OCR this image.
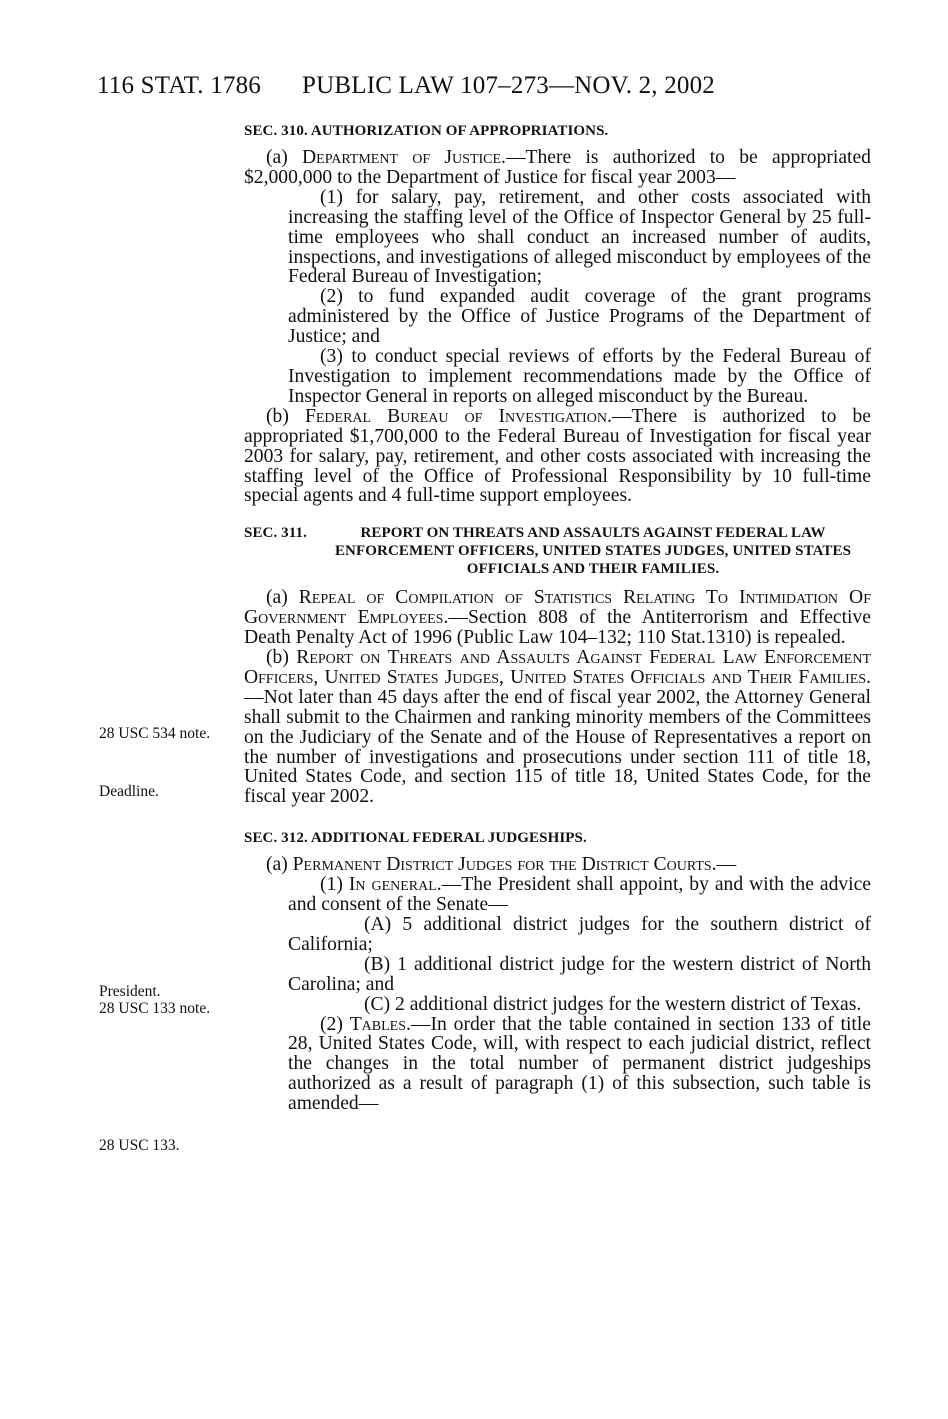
116 STAT. 1786 PUBLIC LAW 107–273—NOV. 2, 2002
28 USC 534 note.
Deadline.
President.
28 USC 133 note.
28 USC 133.

SEC. 310. AUTHORIZATION OF APPROPRIATIONS.

(a) Department of Justice.—There is authorized to be appropriated $2,000,000 to the Department of Justice for fiscal year 2003—

(1) for salary, pay, retirement, and other costs associated with increasing the staffing level of the Office of Inspector General by 25 full-time employees who shall conduct an increased number of audits, inspections, and investigations of alleged misconduct by employees of the Federal Bureau of Investigation;

(2) to fund expanded audit coverage of the grant programs administered by the Office of Justice Programs of the Department of Justice; and

(3) to conduct special reviews of efforts by the Federal Bureau of Investigation to implement recommendations made by the Office of Inspector General in reports on alleged misconduct by the Bureau.

(b) Federal Bureau of Investigation.—There is authorized to be appropriated $1,700,000 to the Federal Bureau of Investigation for fiscal year 2003 for salary, pay, retirement, and other costs associated with increasing the staffing level of the Office of Professional Responsibility by 10 full-time special agents and 4 full-time support employees.

SEC. 311.	REPORT ON THREATS AND ASSAULTS AGAINST FEDERAL LAW ENFORCEMENT OFFICERS, UNITED STATES JUDGES, UNITED STATES OFFICIALS AND THEIR FAMILIES.

(a) Repeal of Compilation of Statistics Relating To Intimidation Of Government Employees.—Section 808 of the Antiterrorism and Effective Death Penalty Act of 1996 (Public Law 104–132; 110 Stat.1310) is repealed.

(b) Report on Threats and Assaults Against Federal Law Enforcement Officers, United States Judges, United States Officials and Their Families.—Not later than 45 days after the end of fiscal year 2002, the Attorney General shall submit to the Chairmen and ranking minority members of the Committees on the Judiciary of the Senate and of the House of Representatives a report on the number of investigations and prosecutions under section 111 of title 18, United States Code, and section 115 of title 18, United States Code, for the fiscal year 2002.

SEC. 312. ADDITIONAL FEDERAL JUDGESHIPS.

(a) Permanent District Judges for the District Courts.—

(1) In general.—The President shall appoint, by and with the advice and consent of the Senate—

(A) 5 additional district judges for the southern district of California;

(B) 1 additional district judge for the western district of North Carolina; and

(C) 2 additional district judges for the western district of Texas.

(2) Tables.—In order that the table contained in section 133 of title 28, United States Code, will, with respect to each judicial district, reflect the changes in the total number of permanent district judgeships authorized as a result of paragraph (1) of this subsection, such table is amended—
